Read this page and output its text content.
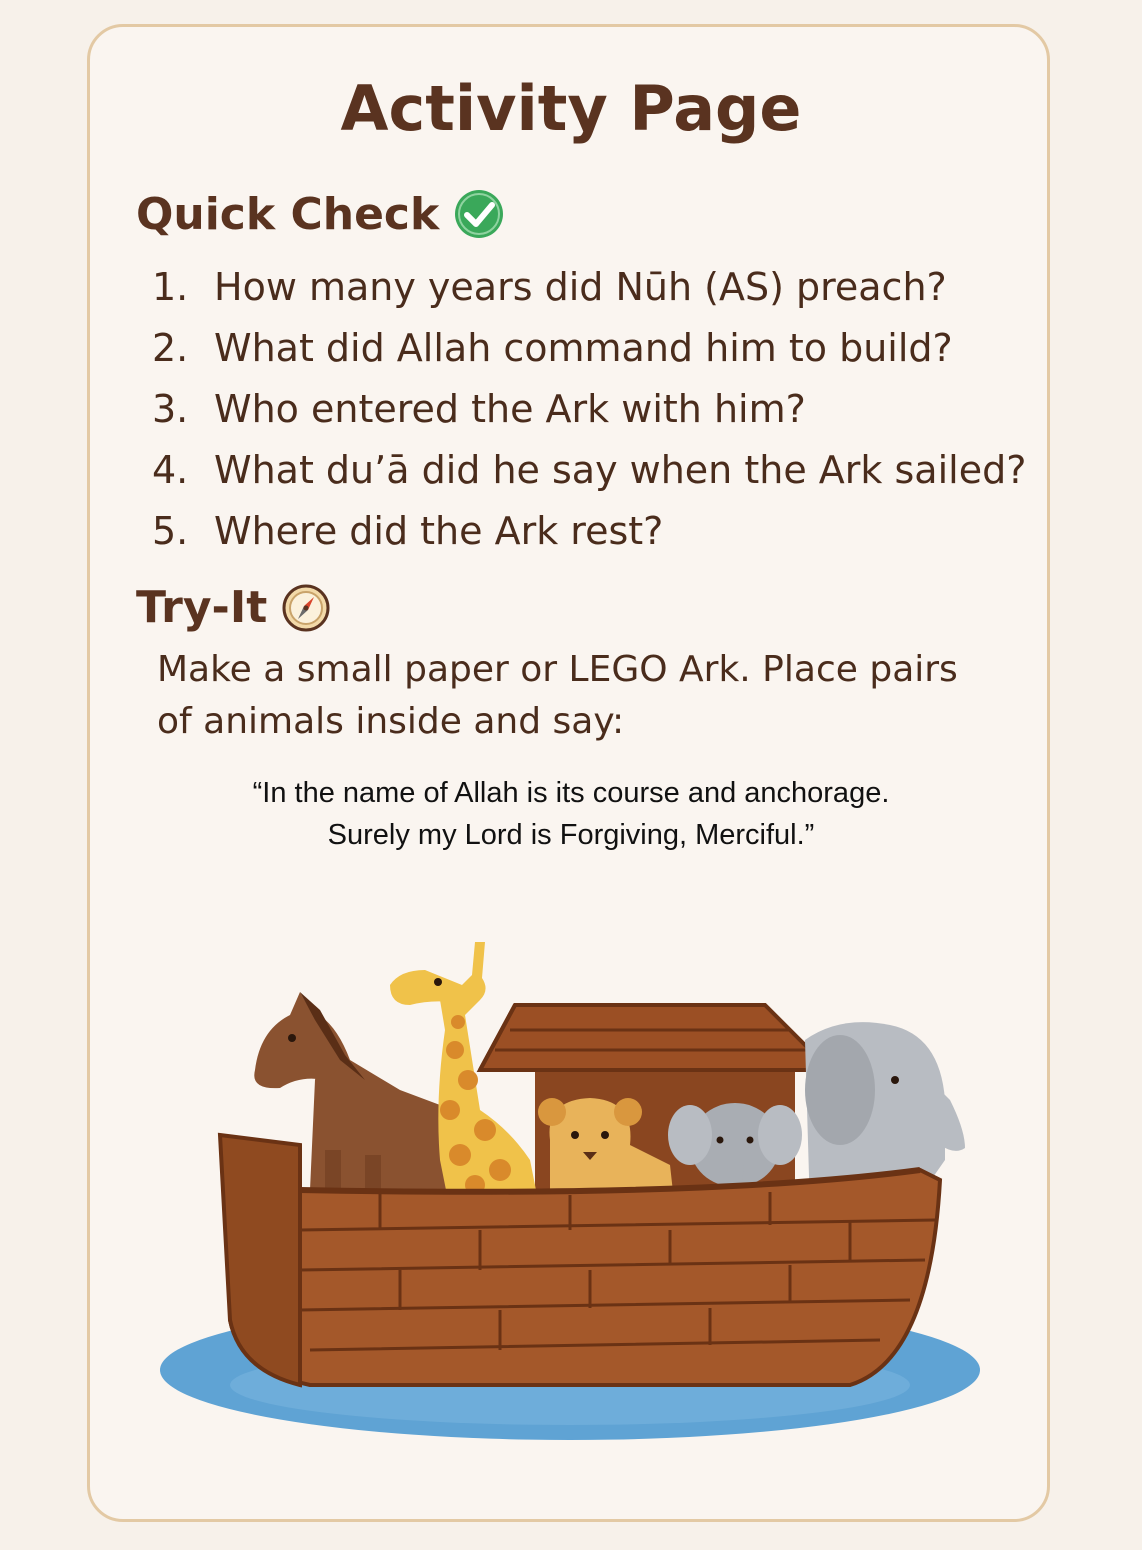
Activity Page
Quick Check
1. How many years did Nūh (AS) preach?
2. What did Allah command him to build?
3. Who entered the Ark with him?
4. What du’ā did he say when the Ark sailed?
5. Where did the Ark rest?
Try-It
Make a small paper or LEGO Ark. Place pairs
of animals inside and say:
“In the name of Allah is its course and anchorage.
Surely my Lord is Forgiving, Merciful.”
